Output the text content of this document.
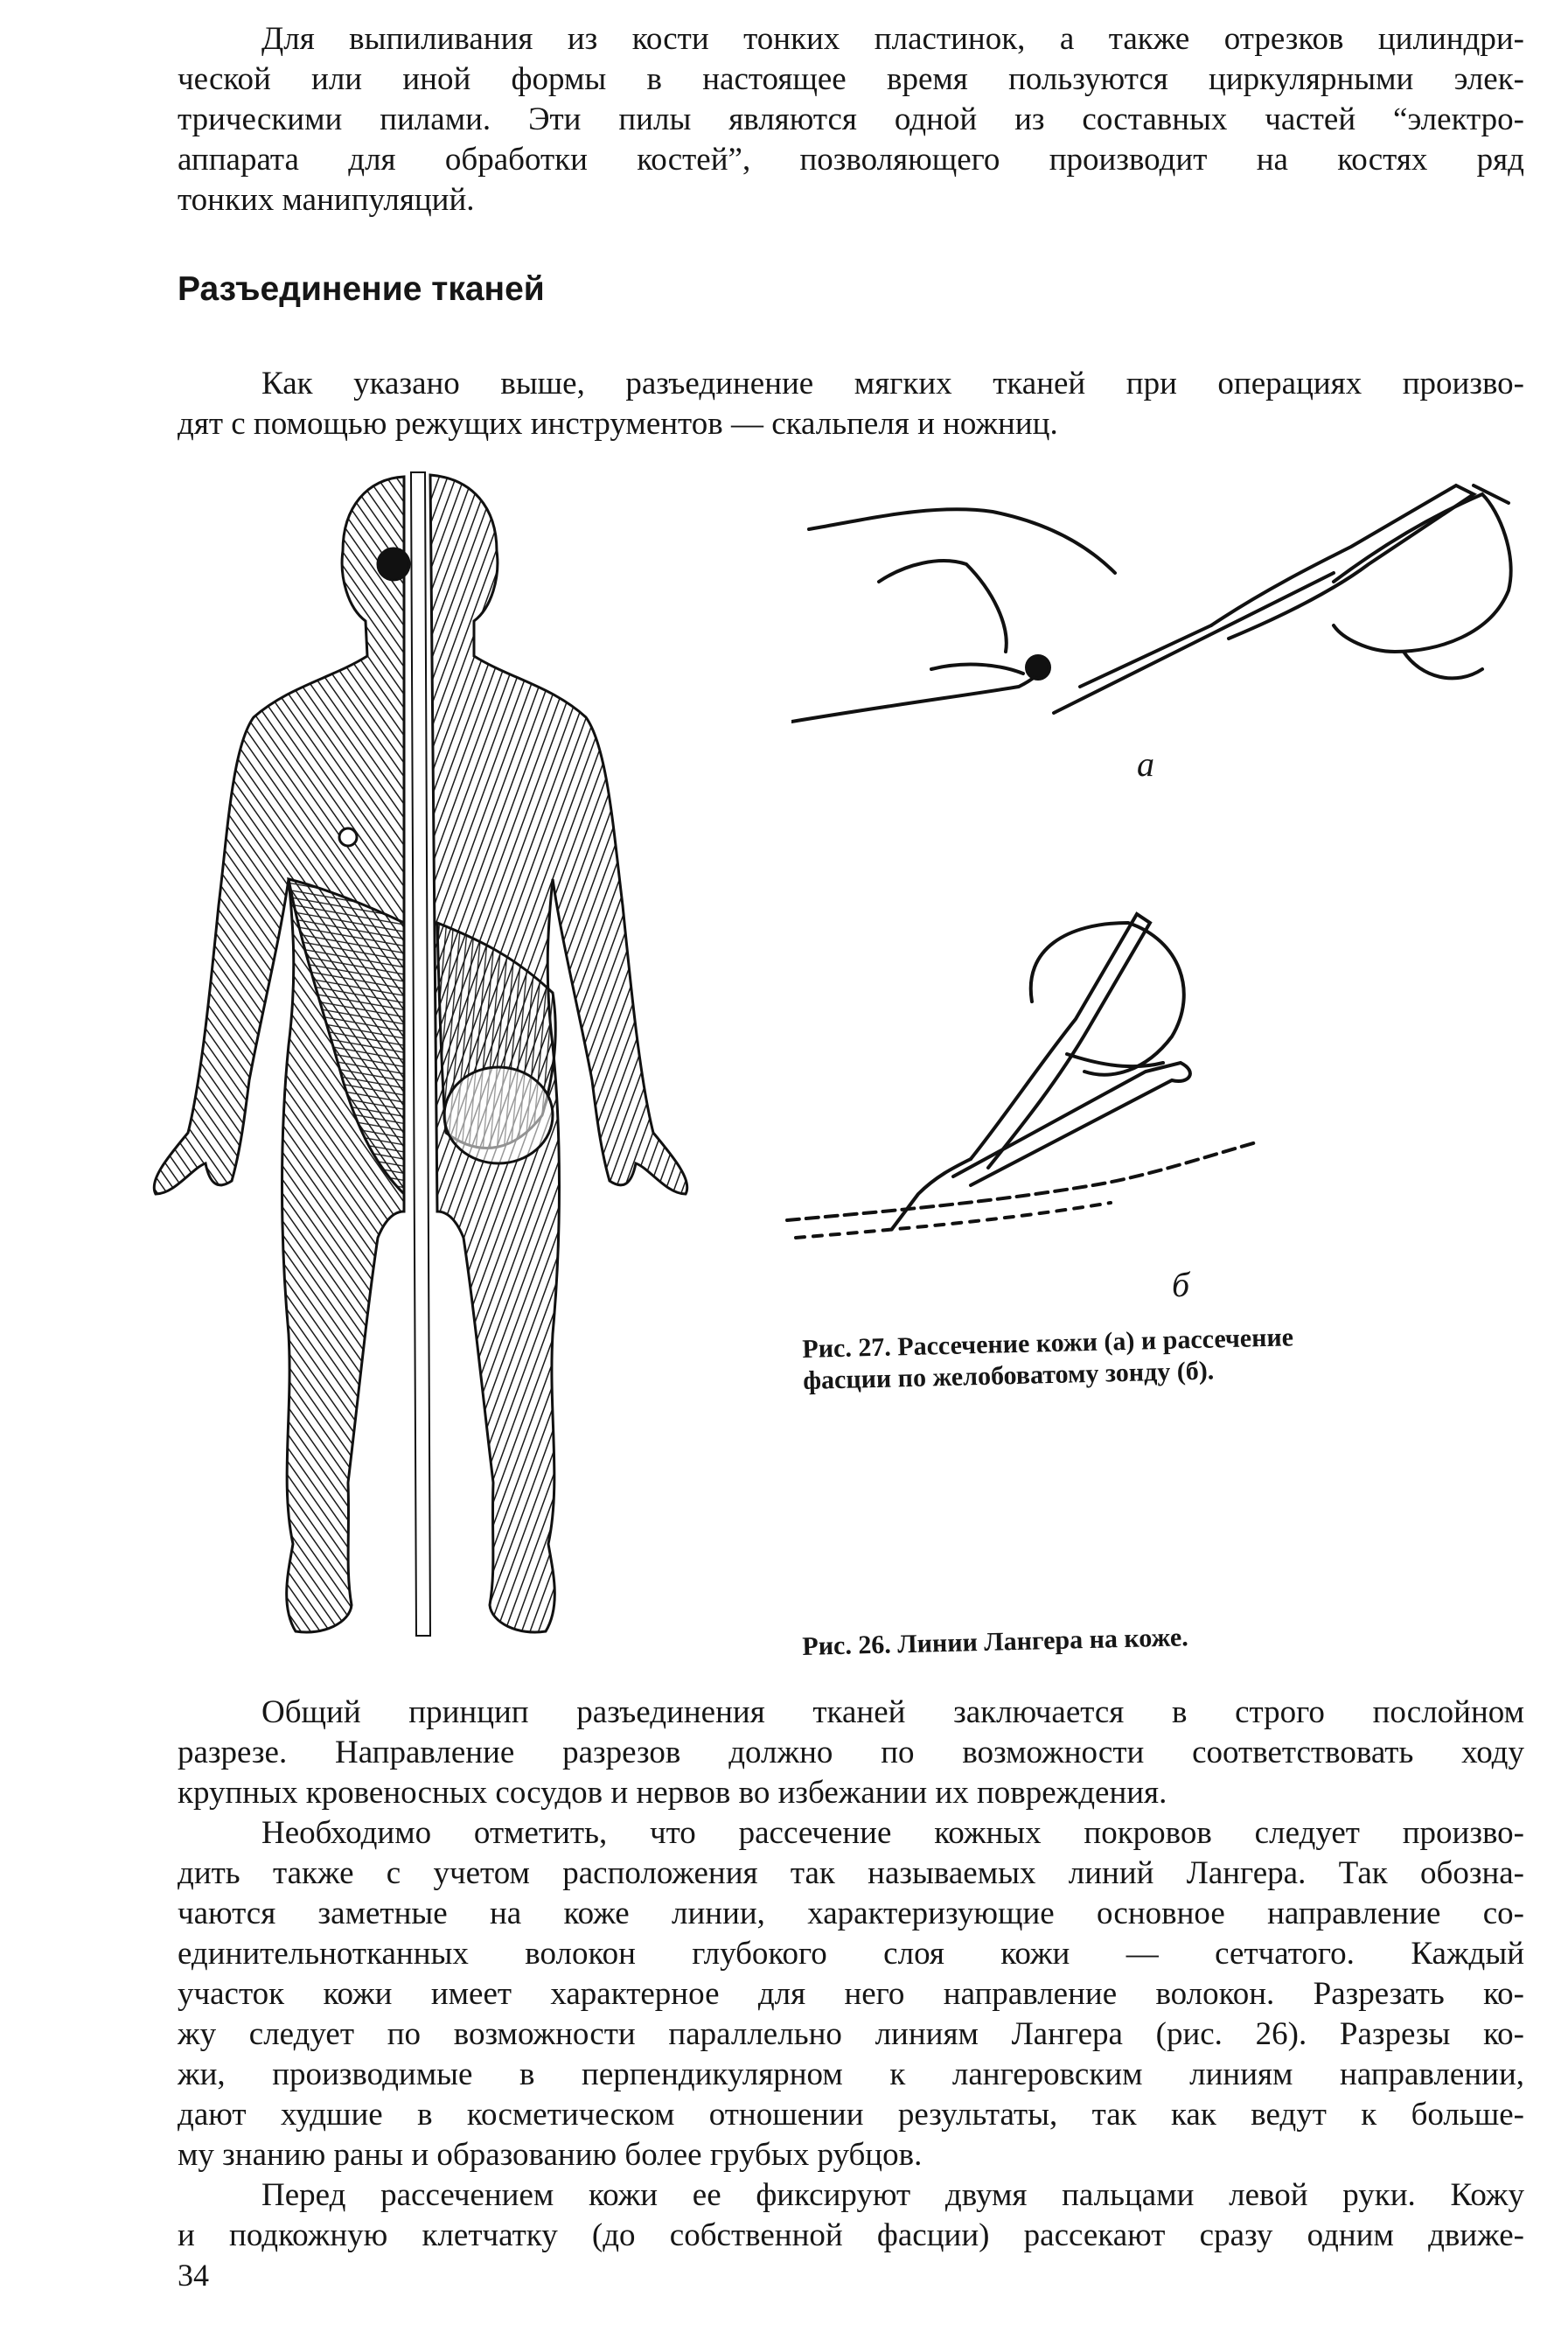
Для выпиливания из кости тонких пластинок, а также отрезков цилиндри-
ческой или иной формы в настоящее время пользуются циркулярными элек-
трическими пилами. Эти пилы являются одной из составных частей “электро-
аппарата для обработки костей”, позволяющего производит на костях ряд
тонких манипуляций.
Разъединение тканей
Как указано выше, разъединение мягких тканей при операциях произво-
дят с помощью режущих инструментов — скальпеля и ножниц.
а
б
Рис. 27. Рассечение кожи (а) и рассечение
фасции по желобоватому зонду (б).
Рис. 26. Линии Лангера на коже.
Общий принцип разъединения тканей заключается в строго послойном
разрезе. Направление разрезов должно по возможности соответствовать ходу
крупных кровеносных сосудов и нервов во избежании их повреждения.
Необходимо отметить, что рассечение кожных покровов следует произво-
дить также с учетом расположения так называемых линий Лангера. Так обозна-
чаются заметные на коже линии, характеризующие основное направление со-
единительнотканных волокон глубокого слоя кожи — сетчатого. Каждый
участок кожи имеет характерное для него направление волокон. Разрезать ко-
жу следует по возможности параллельно линиям Лангера (рис. 26). Разрезы ко-
жи, производимые в перпендикулярном к лангеровским линиям направлении,
дают худшие в косметическом отношении результаты, так как ведут к больше-
му знанию раны и образованию более грубых рубцов.
Перед рассечением кожи ее фиксируют двумя пальцами левой руки. Кожу
и подкожную клетчатку (до собственной фасции) рассекают сразу одним движе-
34
